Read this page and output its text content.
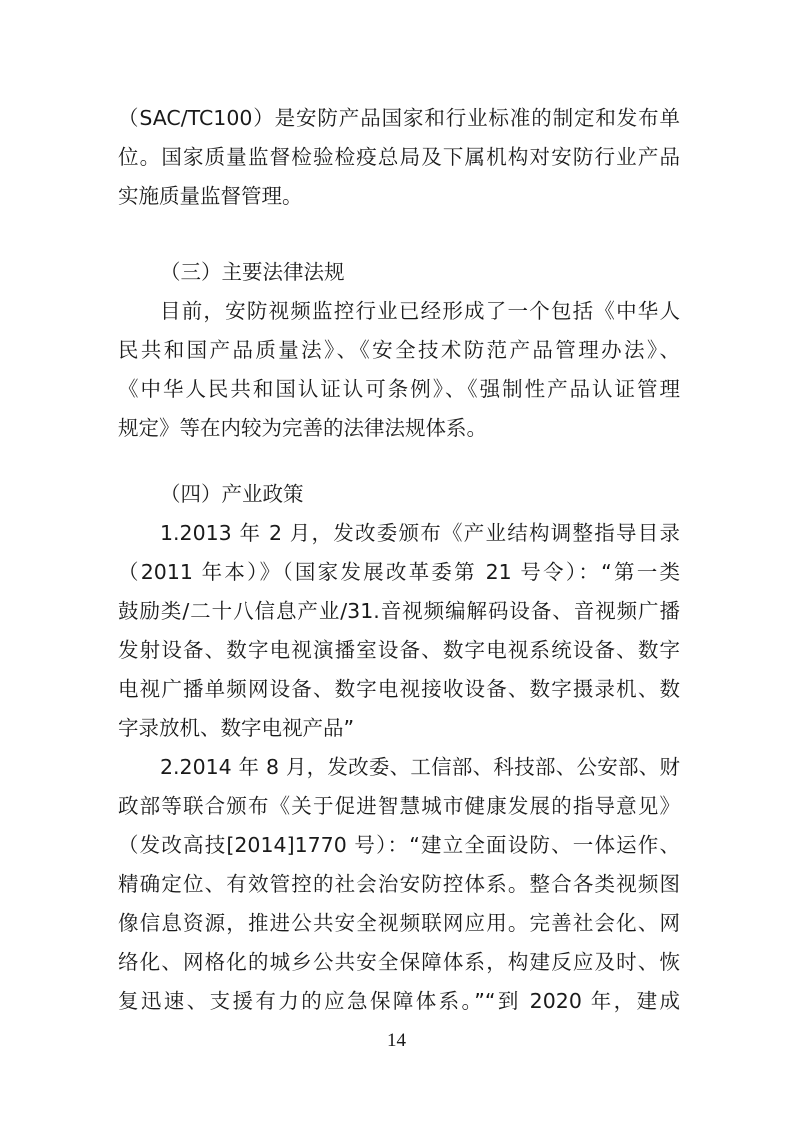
（SAC/TC100）是安防产品国家和行业标准的制定和发布单
位。国家质量监督检验检疫总局及下属机构对安防行业产品
实施质量监督管理。
（三）主要法律法规
目前，安防视频监控行业已经形成了一个包括《中华人
民共和国产品质量法》、《安全技术防范产品管理办法》、
《中华人民共和国认证认可条例》、《强制性产品认证管理
规定》等在内较为完善的法律法规体系。
（四）产业政策
1.2013 年 2 月，发改委颁布《产业结构调整指导目录
（2011 年本）》（国家发展改革委第 21 号令）：“第一类
鼓励类/二十八信息产业/31.音视频编解码设备、音视频广播
发射设备、数字电视演播室设备、数字电视系统设备、数字
电视广播单频网设备、数字电视接收设备、数字摄录机、数
字录放机、数字电视产品”
2.2014 年 8 月，发改委、工信部、科技部、公安部、财
政部等联合颁布《关于促进智慧城市健康发展的指导意见》
（发改高技[2014]1770 号）：“建立全面设防、一体运作、
精确定位、有效管控的社会治安防控体系。整合各类视频图
像信息资源，推进公共安全视频联网应用。完善社会化、网
络化、网格化的城乡公共安全保障体系，构建反应及时、恢
复迅速、支援有力的应急保障体系。”“到 2020 年，建成
14
